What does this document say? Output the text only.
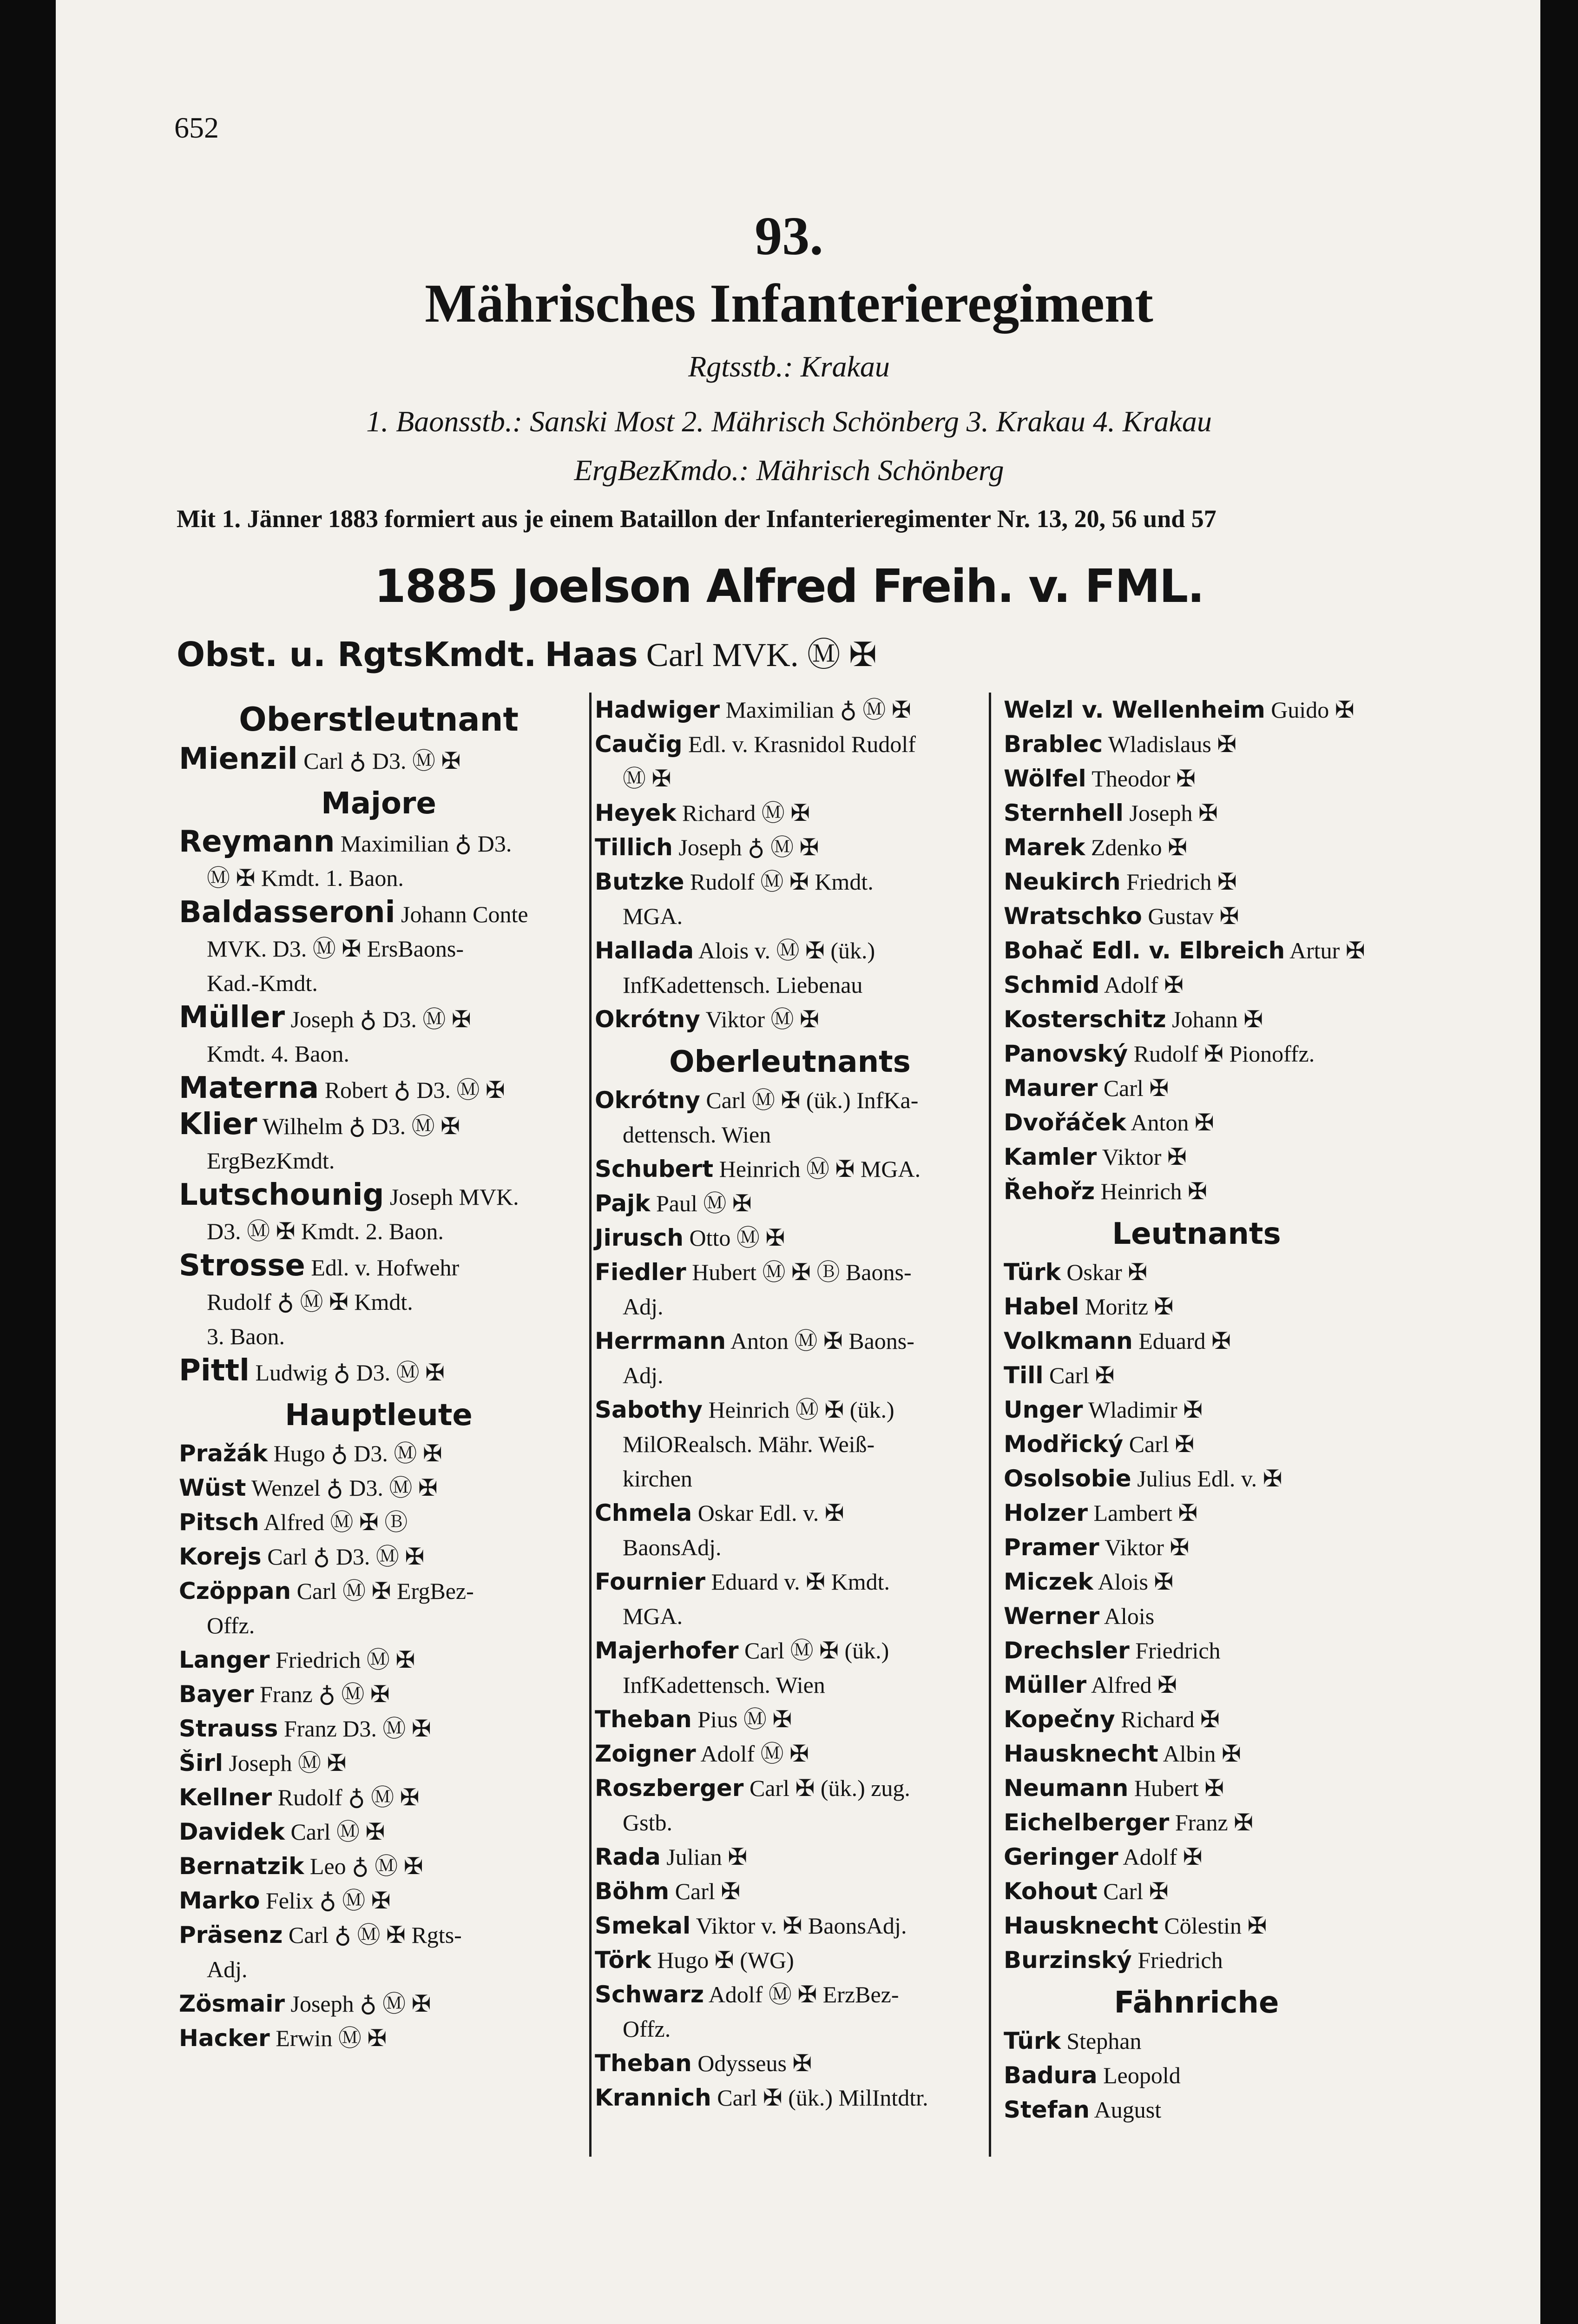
652
93.
Mährisches Infanterieregiment
Rgtsstb.: Krakau
1. Baonsstb.: Sanski Most 2. Mährisch Schönberg 3. Krakau 4. Krakau
ErgBezKmdo.: Mährisch Schönberg
Mit 1. Jänner 1883 formiert aus je einem Bataillon der Infanterieregimenter Nr. 13, 20, 56 und 57
1885 Joelson Alfred Freih. v. FML.
Obst. u. RgtsKmdt. Haas Carl MVK. Ⓜ ✠
Oberstleutnant
Mienzil Carl ♁ D3. Ⓜ ✠
Majore
Reymann Maximilian ♁ D3.
Ⓜ ✠ Kmdt. 1. Baon.
Baldasseroni Johann Conte
MVK. D3. Ⓜ ✠ ErsBaons-
Kad.-Kmdt.
Müller Joseph ♁ D3. Ⓜ ✠
Kmdt. 4. Baon.
Materna Robert ♁ D3. Ⓜ ✠
Klier Wilhelm ♁ D3. Ⓜ ✠
ErgBezKmdt.
Lutschounig Joseph MVK.
D3. Ⓜ ✠ Kmdt. 2. Baon.
Strosse Edl. v. Hofwehr
Rudolf ♁ Ⓜ ✠ Kmdt.
3. Baon.
Pittl Ludwig ♁ D3. Ⓜ ✠
Hauptleute
Pražák Hugo ♁ D3. Ⓜ ✠
Wüst Wenzel ♁ D3. Ⓜ ✠
Pitsch Alfred Ⓜ ✠ Ⓑ
Korejs Carl ♁ D3. Ⓜ ✠
Czöppan Carl Ⓜ ✠ ErgBez-
Offz.
Langer Friedrich Ⓜ ✠
Bayer Franz ♁ Ⓜ ✠
Strauss Franz D3. Ⓜ ✠
Širl Joseph Ⓜ ✠
Kellner Rudolf ♁ Ⓜ ✠
Davidek Carl Ⓜ ✠
Bernatzik Leo ♁ Ⓜ ✠
Marko Felix ♁ Ⓜ ✠
Präsenz Carl ♁ Ⓜ ✠ Rgts-
Adj.
Zösmair Joseph ♁ Ⓜ ✠
Hacker Erwin Ⓜ ✠
Hadwiger Maximilian ♁ Ⓜ ✠
Caučig Edl. v. Krasnidol Rudolf
Ⓜ ✠
Heyek Richard Ⓜ ✠
Tillich Joseph ♁ Ⓜ ✠
Butzke Rudolf Ⓜ ✠ Kmdt.
MGA.
Hallada Alois v. Ⓜ ✠ (ük.)
InfKadettensch. Liebenau
Okrótny Viktor Ⓜ ✠
Oberleutnants
Okrótny Carl Ⓜ ✠ (ük.) InfKa-
dettensch. Wien
Schubert Heinrich Ⓜ ✠ MGA.
Pajk Paul Ⓜ ✠
Jirusch Otto Ⓜ ✠
Fiedler Hubert Ⓜ ✠ Ⓑ Baons-
Adj.
Herrmann Anton Ⓜ ✠ Baons-
Adj.
Sabothy Heinrich Ⓜ ✠ (ük.)
MilORealsch. Mähr. Weiß-
kirchen
Chmela Oskar Edl. v. ✠
BaonsAdj.
Fournier Eduard v. ✠ Kmdt.
MGA.
Majerhofer Carl Ⓜ ✠ (ük.)
InfKadettensch. Wien
Theban Pius Ⓜ ✠
Zoigner Adolf Ⓜ ✠
Roszberger Carl ✠ (ük.) zug.
Gstb.
Rada Julian ✠
Böhm Carl ✠
Smekal Viktor v. ✠ BaonsAdj.
Törk Hugo ✠ (WG)
Schwarz Adolf Ⓜ ✠ ErzBez-
Offz.
Theban Odysseus ✠
Krannich Carl ✠ (ük.) MilIntdtr.
Welzl v. Wellenheim Guido ✠
Brablec Wladislaus ✠
Wölfel Theodor ✠
Sternhell Joseph ✠
Marek Zdenko ✠
Neukirch Friedrich ✠
Wratschko Gustav ✠
Bohač Edl. v. Elbreich Artur ✠
Schmid Adolf ✠
Kosterschitz Johann ✠
Panovský Rudolf ✠ Pionoffz.
Maurer Carl ✠
Dvořáček Anton ✠
Kamler Viktor ✠
Řehořz Heinrich ✠
Leutnants
Türk Oskar ✠
Habel Moritz ✠
Volkmann Eduard ✠
Till Carl ✠
Unger Wladimir ✠
Modřický Carl ✠
Osolsobie Julius Edl. v. ✠
Holzer Lambert ✠
Pramer Viktor ✠
Miczek Alois ✠
Werner Alois
Drechsler Friedrich
Müller Alfred ✠
Kopečny Richard ✠
Hausknecht Albin ✠
Neumann Hubert ✠
Eichelberger Franz ✠
Geringer Adolf ✠
Kohout Carl ✠
Hausknecht Cölestin ✠
Burzinský Friedrich
Fähnriche
Türk Stephan
Badura Leopold
Stefan August
